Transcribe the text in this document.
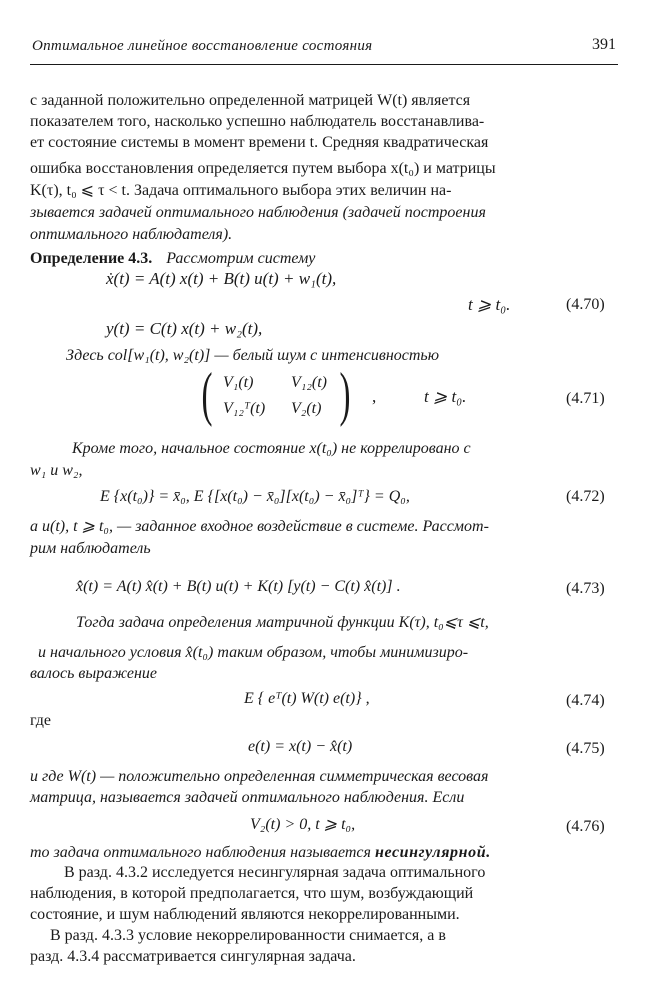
Оптимальное линейное восстановление состояния	391
с заданной положительно определенной матрицей W(t) является
показателем того, насколько успешно наблюдатель восстанавлива-
ет состояние системы в момент времени t. Средняя квадратическая
ошибка восстановления определяется путем выбора x(t₀) и матрицы
K(τ), t₀ ⩽ τ < t. Задача оптимального выбора этих величин на-
зывается задачей оптимального наблюдения (задачей построения
оптимального наблюдателя).
Определение 4.3. Рассмотрим систему
ẋ(t) = A(t) x(t) + B(t) u(t) + w₁(t),
y(t) = C(t) x(t) + w₂(t),
t ⩾ t₀.	(4.70)
Здесь col[w₁(t), w₂(t)] — белый шум с интенсивностью
( V₁(t) V₁₂(t)
V₁₂ᵀ(t) V₂(t) ) ,	t ⩾ t₀.	(4.71)
Кроме того, начальное состояние x(t₀) не коррелировано с
w₁ и w₂,
E {x(t₀)} = x̄₀, E {[x(t₀) − x̄₀][x(t₀) − x̄₀]ᵀ} = Q₀,	(4.72)
а u(t), t ⩾ t₀, — заданное входное воздействие в системе. Рассмот-
рим наблюдатель
x̂̇(t) = A(t) x̂(t) + B(t) u(t) + K(t) [y(t) − C(t) x̂(t)] .	(4.73)
Тогда задача определения матричной функции K(τ), t₀⩽τ ⩽t,
и начального условия x̂(t₀) таким образом, чтобы минимизиро-
валось выражение
E { eᵀ(t) W(t) e(t)} ,	(4.74)
где
e(t) = x(t) − x̂(t)	(4.75)
и где W(t) — положительно определенная симметрическая весовая
матрица, называется задачей оптимального наблюдения. Если
V₂(t) > 0, t ⩾ t₀,	(4.76)
то задача оптимального наблюдения называется несингулярной.
В разд. 4.3.2 исследуется несингулярная задача оптимального
наблюдения, в которой предполагается, что шум, возбуждающий
состояние, и шум наблюдений являются некоррелированными.
В разд. 4.3.3 условие некоррелированности снимается, а в
разд. 4.3.4 рассматривается сингулярная задача.
